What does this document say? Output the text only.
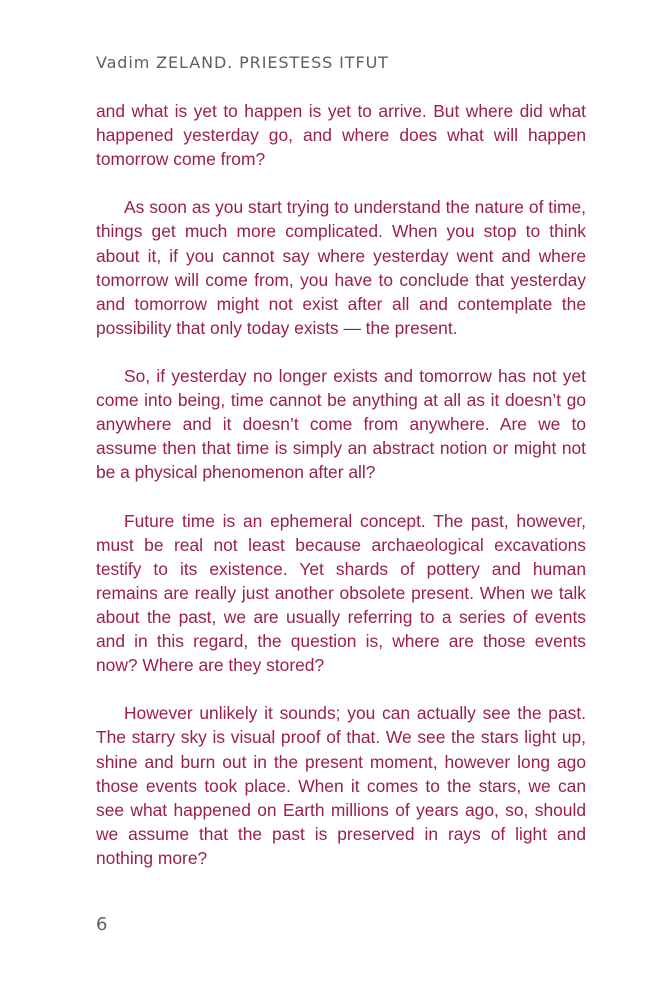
Vadim ZELAND. PRIESTESS ITFUT

and what is yet to happen is yet to arrive. But where did what happened yesterday go, and where does what will happen tomorrow come from?

As soon as you start trying to understand the nature of time, things get much more complicated. When you stop to think about it, if you cannot say where yesterday went and where tomorrow will come from, you have to conclude that yesterday and tomorrow might not exist after all and contemplate the possibility that only today exists — the present.

So, if yesterday no longer exists and tomorrow has not yet come into being, time cannot be anything at all as it doesn’t go anywhere and it doesn’t come from anywhere. Are we to assume then that time is simply an abstract notion or might not be a physical phenomenon after all?

Future time is an ephemeral concept. The past, however, must be real not least because archaeological excavations testify to its existence. Yet shards of pottery and human remains are really just another obsolete present. When we talk about the past, we are usually referring to a series of events and in this regard, the question is, where are those events now? Where are they stored?

However unlikely it sounds; you can actually see the past. The starry sky is visual proof of that. We see the stars light up, shine and burn out in the present moment, however long ago those events took place. When it comes to the stars, we can see what happened on Earth millions of years ago, so, should we assume that the past is preserved in rays of light and nothing more?

6
